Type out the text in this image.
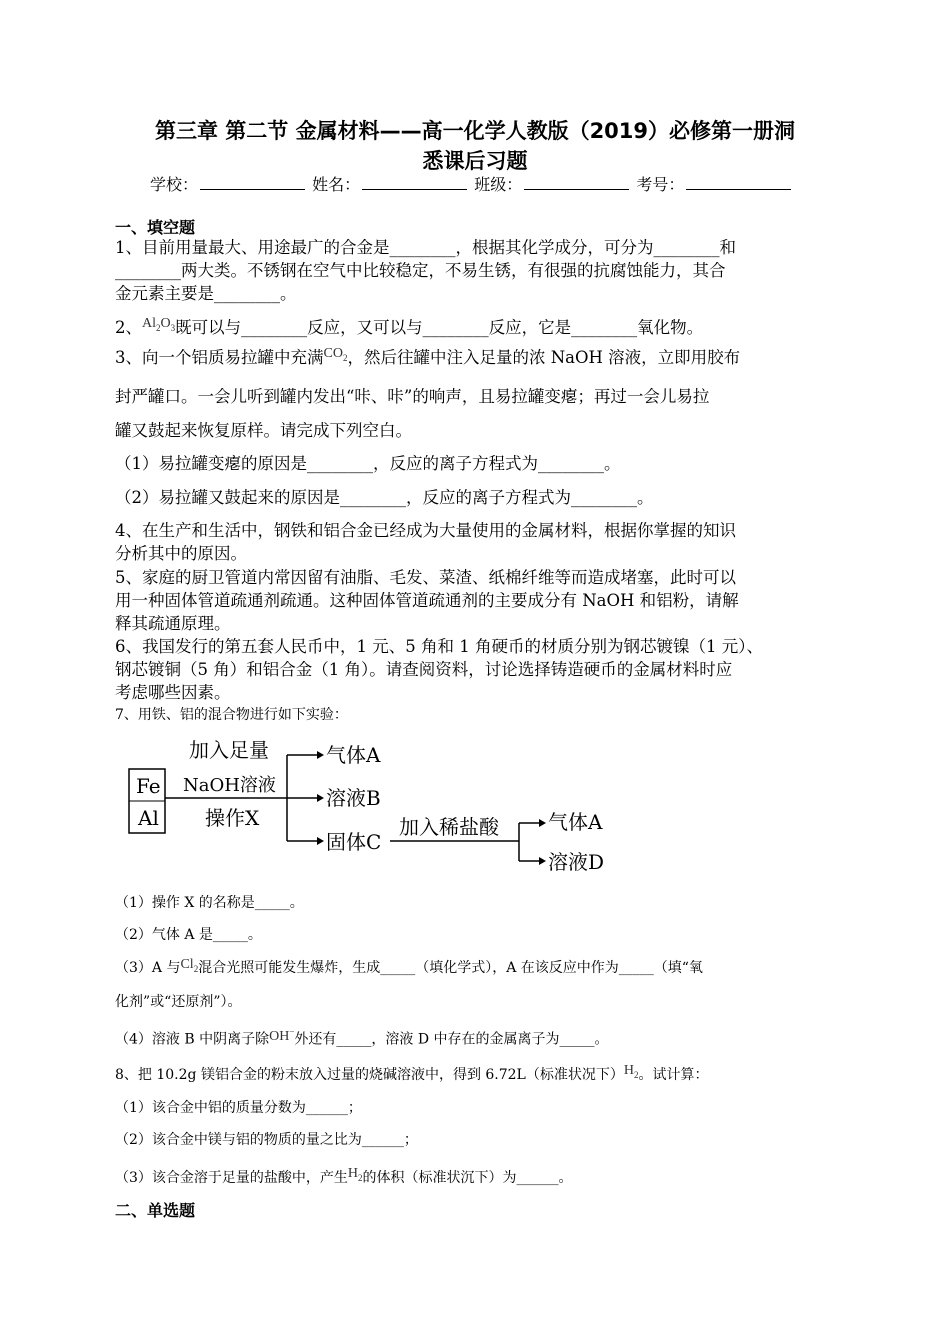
第三章 第二节 金属材料——高一化学人教版（2019）必修第一册洞
悉课后习题
学校：	姓名：	班级：	考号：
一、填空题
1、目前用量最大、用途最广的合金是________，根据其化学成分，可分为________和
________两大类。不锈钢在空气中比较稳定，不易生锈，有很强的抗腐蚀能力，其合
金元素主要是________。
2、$^{Al_2O_3}$既可以与________反应，又可以与________反应，它是________氧化物。
3、向一个铝质易拉罐中充满$^{CO_2}$，然后往罐中注入足量的浓 NaOH 溶液，立即用胶布
封严罐口。一会儿听到罐内发出“咔、咔”的响声，且易拉罐变瘪；再过一会儿易拉
罐又鼓起来恢复原样。请完成下列空白。
（1）易拉罐变瘪的原因是________，反应的离子方程式为________。
（2）易拉罐又鼓起来的原因是________，反应的离子方程式为________。
4、在生产和生活中，钢铁和铝合金已经成为大量使用的金属材料，根据你掌握的知识
分析其中的原因。
5、家庭的厨卫管道内常因留有油脂、毛发、菜渣、纸棉纤维等而造成堵塞，此时可以
用一种固体管道疏通剂疏通。这种固体管道疏通剂的主要成分有 NaOH 和铝粉，请解
释其疏通原理。
6、我国发行的第五套人民币中，1 元、5 角和 1 角硬币的材质分别为钢芯镀镍（1 元）、
钢芯镀铜（5 角）和铝合金（1 角）。请查阅资料，讨论选择铸造硬币的金属材料时应
考虑哪些因素。
7、用铁、铝的混合物进行如下实验：
Fe
Al
加入足量
NaOH溶液
操作X
气体A
溶液B
固体C
加入稀盐酸 气体A
溶液D
（1）操作 X 的名称是_____。
（2）气体 A 是_____。
（3）A 与$Cl_2$混合光照可能发生爆炸，生成_____（填化学式），A 在该反应中作为_____（填“氧
化剂”或“还原剂”）。
（4）溶液 B 中阴离子除OH−外还有_____，溶液 D 中存在的金属离子为_____。
8、把 10.2g 镁铝合金的粉末放入过量的烧碱溶液中，得到 6.72L（标准状况下）$H_2$。试计算：
（1）该合金中铝的质量分数为______；
（2）该合金中镁与铝的物质的量之比为______；
（3）该合金溶于足量的盐酸中，产生$H_2$的体积（标准状沉下）为______。
二、单选题
